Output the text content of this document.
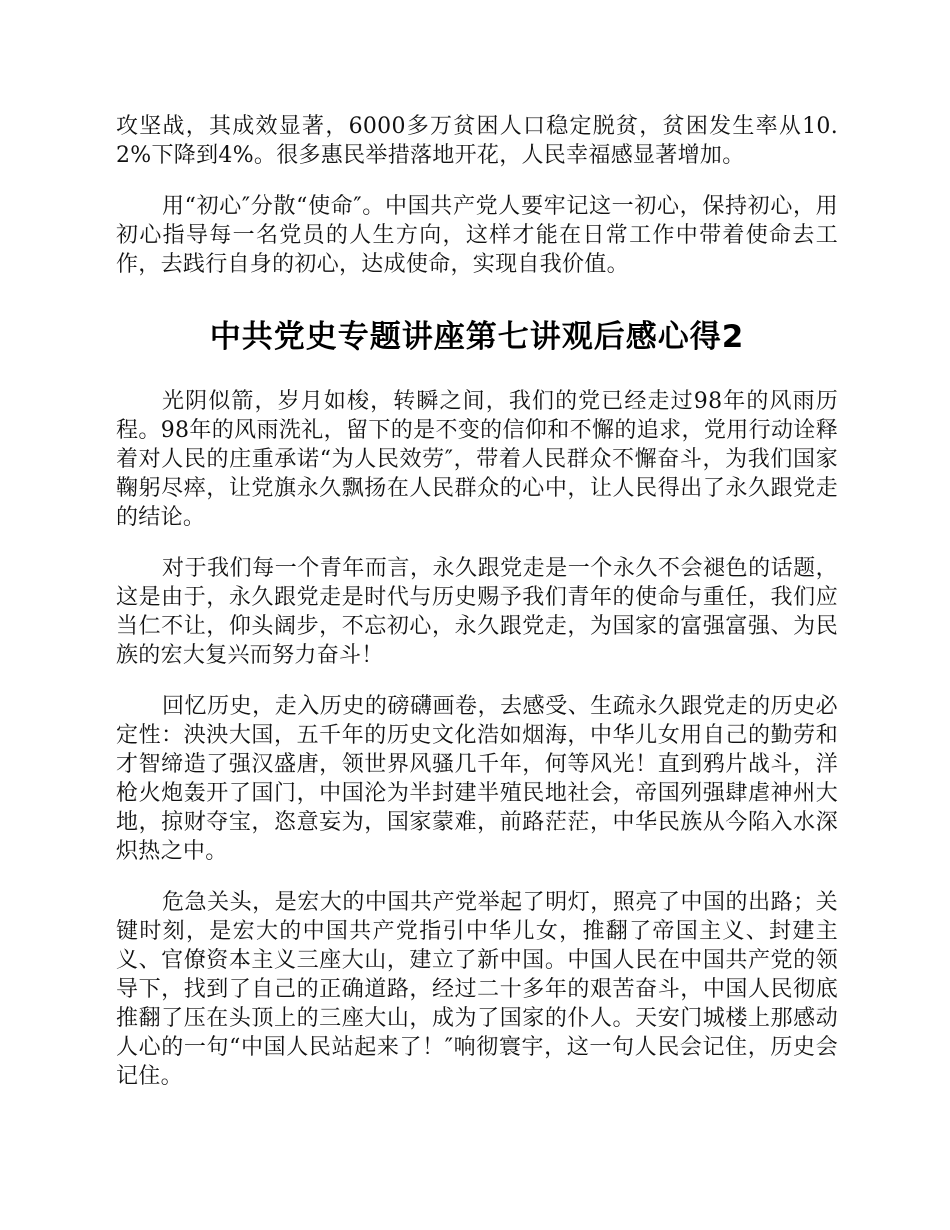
攻坚战，其成效显著，6000多万贫困人口稳定脱贫，贫困发生率从10.2%下降到4%。很多惠民举措落地开花，人民幸福感显著增加。

用“初心″分散“使命″。中国共产党人要牢记这一初心，保持初心，用初心指导每一名党员的人生方向，这样才能在日常工作中带着使命去工作，去践行自身的初心，达成使命，实现自我价值。

中共党史专题讲座第七讲观后感心得2

光阴似箭，岁月如梭，转瞬之间，我们的党已经走过98年的风雨历程。98年的风雨洗礼，留下的是不变的信仰和不懈的追求，党用行动诠释着对人民的庄重承诺“为人民效劳″，带着人民群众不懈奋斗，为我们国家鞠躬尽瘁，让党旗永久飘扬在人民群众的心中，让人民得出了永久跟党走的结论。

对于我们每一个青年而言，永久跟党走是一个永久不会褪色的话题，这是由于，永久跟党走是时代与历史赐予我们青年的使命与重任，我们应当仁不让，仰头阔步，不忘初心，永久跟党走，为国家的富强富强、为民族的宏大复兴而努力奋斗！

回忆历史，走入历史的磅礴画卷，去感受、生疏永久跟党走的历史必定性：泱泱大国，五千年的历史文化浩如烟海，中华儿女用自己的勤劳和才智缔造了强汉盛唐，领世界风骚几千年，何等风光！直到鸦片战斗，洋枪火炮轰开了国门，中国沦为半封建半殖民地社会，帝国列强肆虐神州大地，掠财夺宝，恣意妄为，国家蒙难，前路茫茫，中华民族从今陷入水深炽热之中。

危急关头，是宏大的中国共产党举起了明灯，照亮了中国的出路；关键时刻，是宏大的中国共产党指引中华儿女，推翻了帝国主义、封建主义、官僚资本主义三座大山，建立了新中国。中国人民在中国共产党的领导下，找到了自己的正确道路，经过二十多年的艰苦奋斗，中国人民彻底推翻了压在头顶上的三座大山，成为了国家的仆人。天安门城楼上那感动人心的一句“中国人民站起来了！″响彻寰宇，这一句人民会记住，历史会记住。
